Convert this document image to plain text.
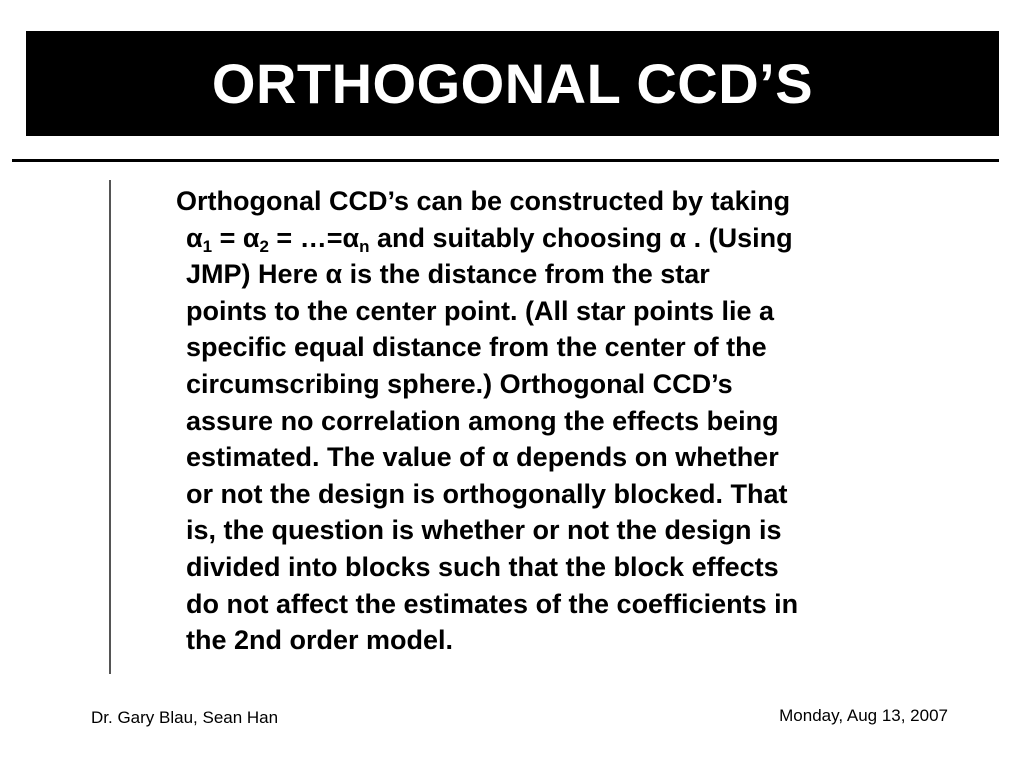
ORTHOGONAL CCD’S
Orthogonal CCD’s can be constructed by taking
$\alpha_1 = \alpha_2$ = $\dots=\alpha_n$ and suitably choosing α . (Using
JMP) Here α is the distance from the star
points to the center point. (All star points lie a
specific equal distance from the center of the
circumscribing sphere.) Orthogonal CCD’s
assure no correlation among the effects being
estimated. The value of α depends on whether
or not the design is orthogonally blocked. That
is, the question is whether or not the design is
divided into blocks such that the block effects
do not affect the estimates of the coefficients in
the 2nd order model.
Dr. Gary Blau, Sean Han	Monday, Aug 13, 2007
